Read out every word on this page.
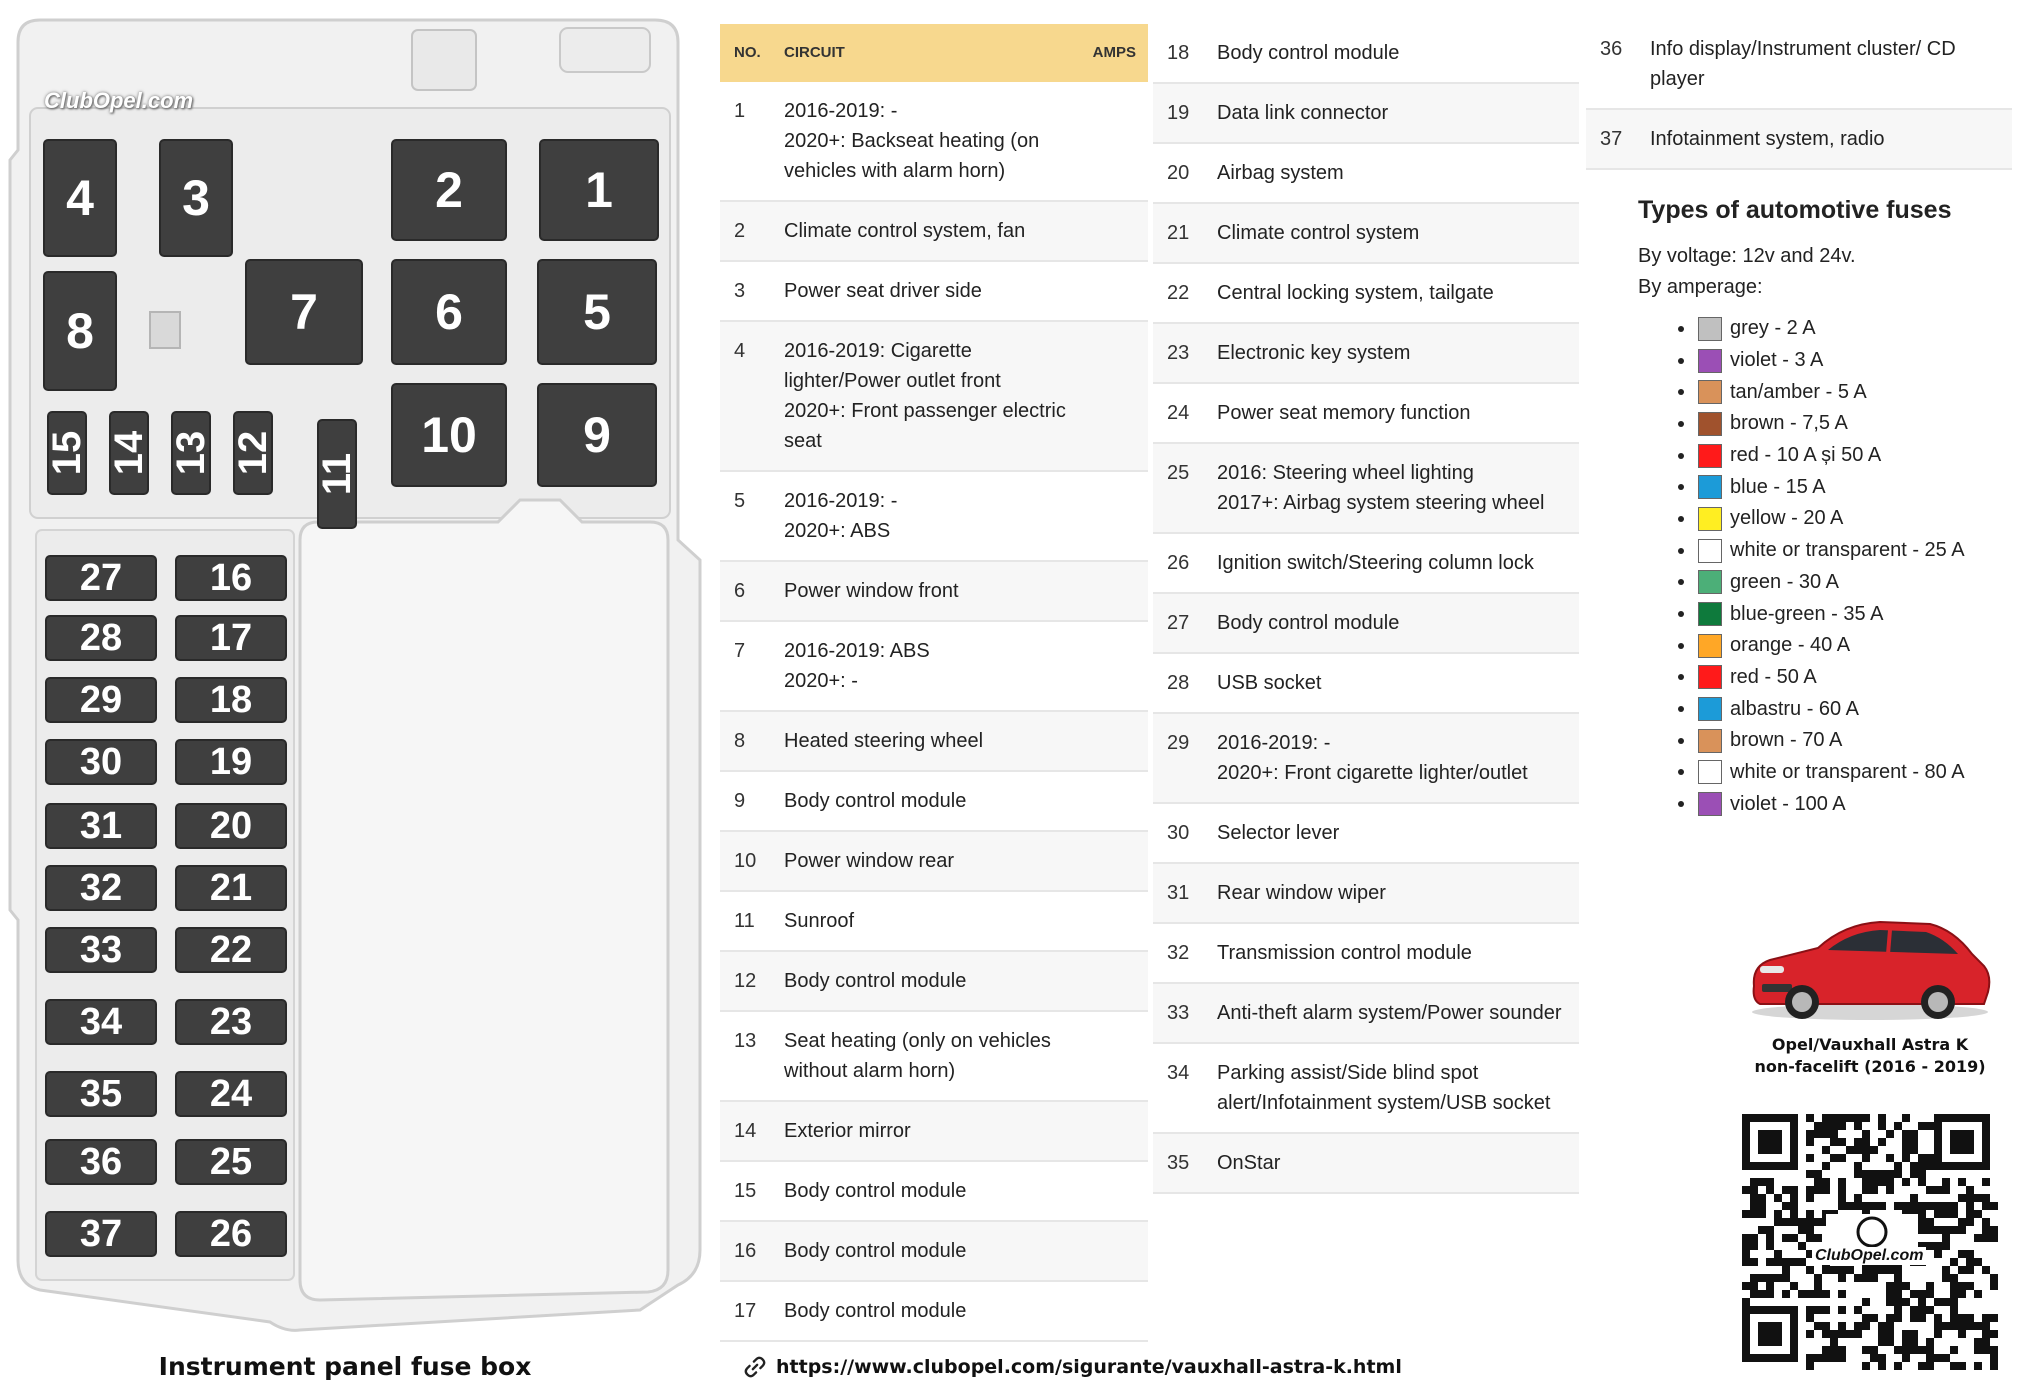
4 3	2 1
8	7 6 5
10 9
15 14 13 12 11
27 16
28 17
29 18
30 19
31 20
32 21
33 22
34 23
35 24
36 25
37 26
ClubOpel.com
Instrument panel fuse box
NO.	CIRCUIT	AMPS
1	2016-2019: -
2020+: Backseat heating (on vehicles with alarm horn)	
2	Climate control system, fan	
3	Power seat driver side	
4	2016-2019: Cigarette lighter/Power outlet front
2020+: Front passenger electric seat	
5	2016-2019: -
2020+: ABS	
6	Power window front	
7	2016-2019: ABS
2020+: -	
8	Heated steering wheel	
9	Body control module	
10	Power window rear	
11	Sunroof	
12	Body control module	
13	Seat heating (only on vehicles without alarm horn)	
14	Exterior mirror	
15	Body control module	
16	Body control module	
17	Body control module	
18	Body control module
19	Data link connector
20	Airbag system
21	Climate control system
22	Central locking system, tailgate
23	Electronic key system
24	Power seat memory function
25	2016: Steering wheel lighting
2017+: Airbag system steering wheel
26	Ignition switch/Steering column lock
27	Body control module
28	USB socket
29	2016-2019: -
2020+: Front cigarette lighter/outlet
30	Selector lever
31	Rear window wiper
32	Transmission control module
33	Anti-theft alarm system/Power sounder
34	Parking assist/Side blind spot alert/Infotainment system/USB socket
35	OnStar
36	Info display/Instrument cluster/ CD player
37	Infotainment system, radio
Types of automotive fuses
By voltage: 12v and 24v.
By amperage:
grey - 2 A
violet - 3 A
tan/amber - 5 A
brown - 7,5 A
red - 10 A și 50 A
blue - 15 A
yellow - 20 A
white or transparent - 25 A
green - 30 A
blue-green - 35 A
orange - 40 A
red - 50 A
albastru - 60 A
brown - 70 A
white or transparent - 80 A
violet - 100 A
Opel/Vauxhall Astra K
non-facelift (2016 - 2019)
ClubOpel.com
https://www.clubopel.com/sigurante/vauxhall-astra-k.html
